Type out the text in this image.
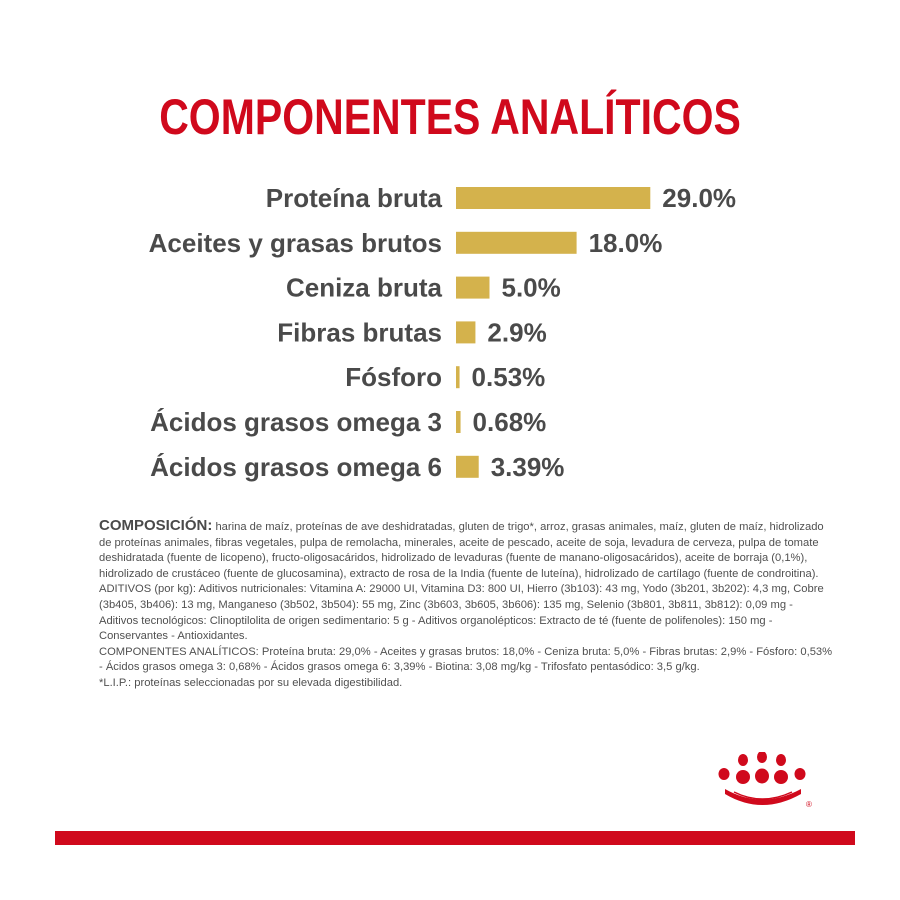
COMPONENTES ANALÍTICOS
Proteína bruta	29.0%
Aceites y grasas brutos	18.0%
Ceniza bruta 5.0%
Fibras brutas 2.9%
Fósforo 0.53%
Ácidos grasos omega 3 0.68%
Ácidos grasos omega 6 3.39%

COMPOSICIÓN: harina de maíz, proteínas de ave deshidratadas, gluten de trigo*, arroz, grasas animales, maíz, gluten de maíz, hidrolizado de proteínas animales, fibras vegetales, pulpa de remolacha, minerales, aceite de pescado, aceite de soja, levadura de cerveza, pulpa de tomate deshidratada (fuente de licopeno), fructo-oligosacáridos, hidrolizado de levaduras (fuente de manano-oligosacáridos), aceite de borraja (0,1%), hidrolizado de crustáceo (fuente de glucosamina), extracto de rosa de la India (fuente de luteína), hidrolizado de cartílago (fuente de condroitina).

ADITIVOS (por kg): Aditivos nutricionales: Vitamina A: 29000 UI, Vitamina D3: 800 UI, Hierro (3b103): 43 mg, Yodo (3b201, 3b202): 4,3 mg, Cobre (3b405, 3b406): 13 mg, Manganeso (3b502, 3b504): 55 mg, Zinc (3b603, 3b605, 3b606): 135 mg, Selenio (3b801, 3b811, 3b812): 0,09 mg - Aditivos tecnológicos: Clinoptilolita de origen sedimentario: 5 g - Aditivos organolépticos: Extracto de té (fuente de polifenoles): 150 mg - Conservantes - Antioxidantes.

COMPONENTES ANALÍTICOS: Proteína bruta: 29,0% - Aceites y grasas brutos: 18,0% - Ceniza bruta: 5,0% - Fibras brutas: 2,9% - Fósforo: 0,53% - Ácidos grasos omega 3: 0,68% - Ácidos grasos omega 6: 3,39% - Biotina: 3,08 mg/kg - Trifosfato pentasódico: 3,5 g/kg.

*L.I.P.: proteínas seleccionadas por su elevada digestibilidad.

®
